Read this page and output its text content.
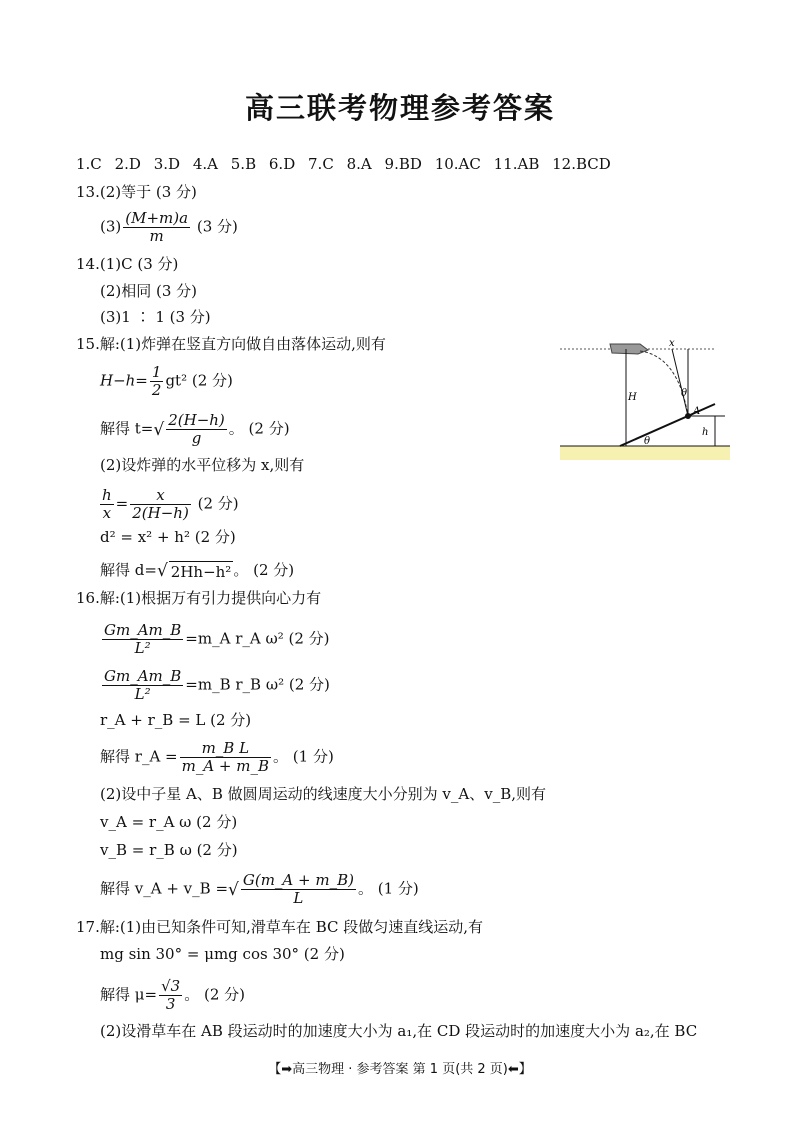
高三联考物理参考答案
1.C 2.D 3.D 4.A 5.B 6.D 7.C 8.A 9.BD 10.AC 11.AB 12.BCD
13.(2)等于 (3 分)
$(3) \frac{(M+m)a}{m} (3$ 分)
14.(1)C (3 分)
(2)相同 (3 分)
(3)1 ∶ 1 (3 分)
15.解:(1)炸弹在竖直方向做自由落体运动,则有
$H-h= \frac{1}{2} gt^2$ (2 分)
解得 $t=√ \frac{2(H-h)}{g}$ 。 (2 分)
(2)设炸弹的水平位移为 x,则有
$\frac{h}{x} = \frac{x}{2(H-h)} (2$ 分)
d² = x² + h² (2 分)
解得 d=√ 2Hh−h² 。 (2 分)
x
θ
A
H
h
θ
16.解:(1)根据万有引力提供向心力有
$\frac{Gm\_Am\_B}{\text{L²}}$ =m_A r_A ω² (2 分)
$\frac{Gm\_Am\_B}{\text{L²}}$ =m_B r_B ω² (2 分)
r_A + r_B = L (2 分)
解得 r_A = $\frac{\text{m\_B L}}{m\_A + m\_B}$ 。 (1 分)
(2)设中子星 A、B 做圆周运动的线速度大小分别为 v_A、v_B,则有
v_A = r_A ω (2 分)
v_B = r_B ω (2 分)
解得 v_A + v_B =√ $\frac{G(m\_A + m\_B)}{L}$ 。 (1 分)
17.解:(1)由已知条件可知,滑草车在 BC 段做匀速直线运动,有
mg sin 30° = μmg cos 30° (2 分)
解得 $\mu= \frac{√3}{3}$ 。 (2 分)
(2)设滑草车在 AB 段运动时的加速度大小为 a₁,在 CD 段运动时的加速度大小为 a₂,在 BC
【➡高三物理 · 参考答案 第 1 页(共 2 页)⬅】
